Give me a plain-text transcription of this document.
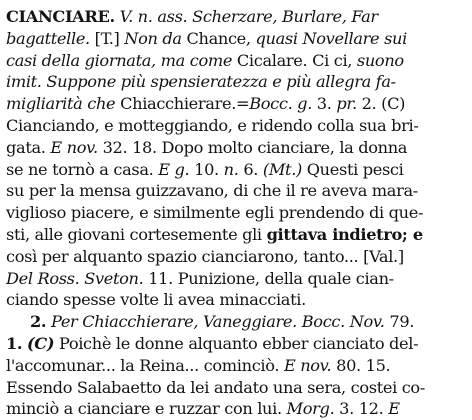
CIANCIARE. V. n. ass. Scherzare, Burlare, Far
bagattelle. [T.] Non da Chance, quasi Novellare sui
casi della giornata, ma come Cicalare. Ci ci, suono
imit. Suppone più spensieratezza e più allegra fa-
migliarità che Chiacchierare.=Bocc. g. 3. pr. 2. (C)
Cianciando, e motteggiando, e ridendo colla sua bri-
gata. E nov. 32. 18. Dopo molto cianciare, la donna
se ne tornò a casa. E g. 10. n. 6. (Mt.) Questi pesci
su per la mensa guizzavano, di che il re aveva mara-
viglioso piacere, e similmente egli prendendo di que-
sti, alle giovani cortesemente gli gittava indietro; e
così per alquanto spazio cianciarono, tanto... [Val.]
Del Ross. Sveton. 11. Punizione, della quale cian-
ciando spesse volte li avea minacciati.
2. Per Chiacchierare, Vaneggiare. Bocc. Nov. 79.
1. (C) Poichè le donne alquanto ebber cianciato del-
l'accomunar... la Reina... cominciò. E nov. 80. 15.
Essendo Salabaetto da lei andato una sera, costei co-
minciò a cianciare e ruzzar con lui. Morg. 3. 12. E
